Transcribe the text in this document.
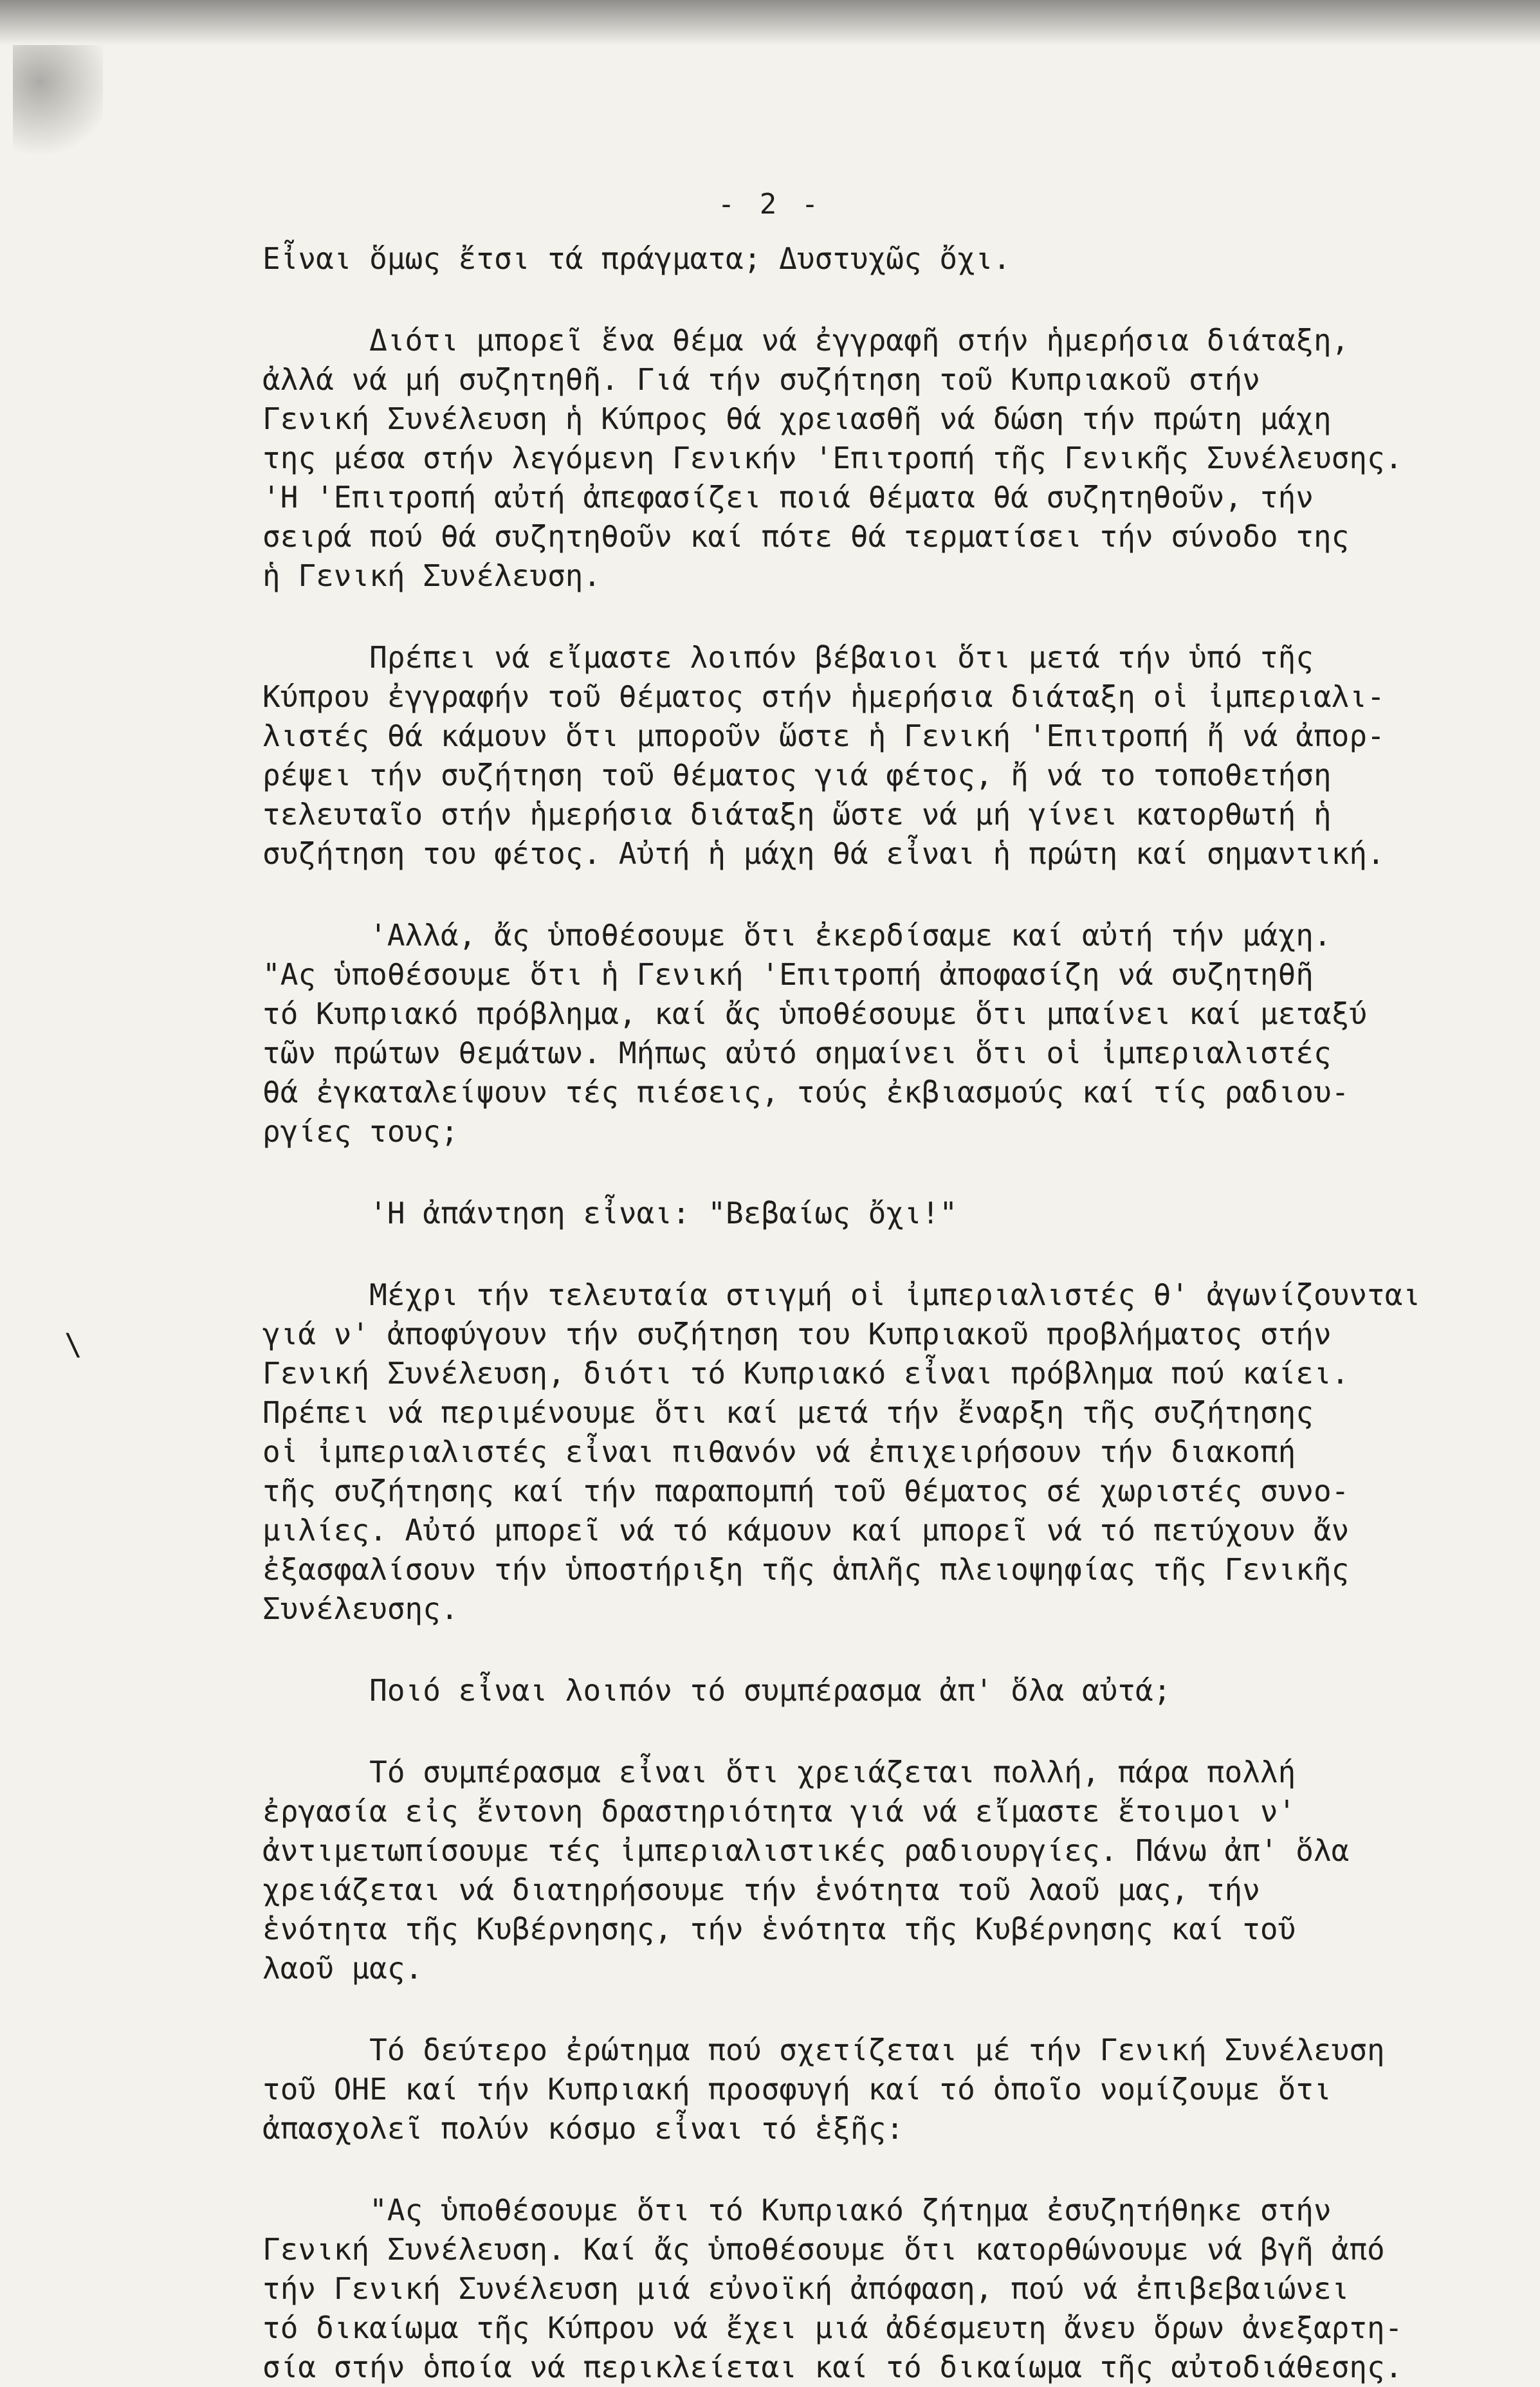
- 2 -
Εἶναι ὅμως ἔτσι τά πράγματα; Δυστυχῶς ὄχι.
Διότι μπορεῖ ἕνα θέμα νά ἐγγραφῆ στήν ἡμερήσια διάταξη,
ἀλλά νά μή συζητηθῆ. Γιά τήν συζήτηση τοῦ Κυπριακοῦ στήν
Γενική Συνέλευση ἡ Κύπρος θά χρειασθῆ νά δώση τήν πρώτη μάχη
της μέσα στήν λεγόμενη Γενικήν 'Επιτροπή τῆς Γενικῆς Συνέλευσης.
'Η 'Επιτροπή αὐτή ἀπεφασίζει ποιά θέματα θά συζητηθοῦν, τήν
σειρά πού θά συζητηθοῦν καί πότε θά τερματίσει τήν σύνοδο της
ἡ Γενική Συνέλευση.
Πρέπει νά εἴμαστε λοιπόν βέβαιοι ὅτι μετά τήν ὑπό τῆς
Κύπρου ἐγγραφήν τοῦ θέματος στήν ἡμερήσια διάταξη οἱ ἰμπεριαλι-
λιστές θά κάμουν ὅτι μποροῦν ὥστε ἡ Γενική 'Επιτροπή ἤ νά ἀπορ-
ρέψει τήν συζήτηση τοῦ θέματος γιά φέτος, ἤ νά το τοποθετήση
τελευταῖο στήν ἡμερήσια διάταξη ὥστε νά μή γίνει κατορθωτή ἡ
συζήτηση του φέτος. Αὐτή ἡ μάχη θά εἶναι ἡ πρώτη καί σημαντική.
'Αλλά, ἄς ὑποθέσουμε ὅτι ἐκερδίσαμε καί αὐτή τήν μάχη.
"Ας ὑποθέσουμε ὅτι ἡ Γενική 'Επιτροπή ἀποφασίζη νά συζητηθῆ
τό Κυπριακό πρόβλημα, καί ἄς ὑποθέσουμε ὅτι μπαίνει καί μεταξύ
τῶν πρώτων θεμάτων. Μήπως αὐτό σημαίνει ὅτι οἱ ἰμπεριαλιστές
θά ἐγκαταλείψουν τές πιέσεις, τούς ἐκβιασμούς καί τίς ραδιου-
ργίες τους;
'Η ἀπάντηση εἶναι: "Βεβαίως ὄχι!"
Μέχρι τήν τελευταία στιγμή οἱ ἰμπεριαλιστές θ' ἀγωνίζουνται
γιά ν' ἀποφύγουν τήν συζήτηση του Κυπριακοῦ προβλήματος στήν
Γενική Συνέλευση, διότι τό Κυπριακό εἶναι πρόβλημα πού καίει.
Πρέπει νά περιμένουμε ὅτι καί μετά τήν ἔναρξη τῆς συζήτησης
οἱ ἰμπεριαλιστές εἶναι πιθανόν νά ἐπιχειρήσουν τήν διακοπή
τῆς συζήτησης καί τήν παραπομπή τοῦ θέματος σέ χωριστές συνο-
μιλίες. Αὐτό μπορεῖ νά τό κάμουν καί μπορεῖ νά τό πετύχουν ἄν
ἐξασφαλίσουν τήν ὑποστήριξη τῆς ἁπλῆς πλειοψηφίας τῆς Γενικῆς
Συνέλευσης.
Ποιό εἶναι λοιπόν τό συμπέρασμα ἀπ' ὅλα αὐτά;
Τό συμπέρασμα εἶναι ὅτι χρειάζεται πολλή, πάρα πολλή
ἐργασία εἰς ἔντονη δραστηριότητα γιά νά εἴμαστε ἕτοιμοι ν'
ἀντιμετωπίσουμε τές ἰμπεριαλιστικές ραδιουργίες. Πάνω ἀπ' ὅλα
χρειάζεται νά διατηρήσουμε τήν ἑνότητα τοῦ λαοῦ μας, τήν
ἑνότητα τῆς Κυβέρνησης, τήν ἑνότητα τῆς Κυβέρνησης καί τοῦ
λαοῦ μας.
Τό δεύτερο ἐρώτημα πού σχετίζεται μέ τήν Γενική Συνέλευση
τοῦ ΟΗΕ καί τήν Κυπριακή προσφυγή καί τό ὁποῖο νομίζουμε ὅτι
ἀπασχολεῖ πολύν κόσμο εἶναι τό ἑξῆς:
"Ας ὑποθέσουμε ὅτι τό Κυπριακό ζήτημα ἐσυζητήθηκε στήν
Γενική Συνέλευση. Καί ἄς ὑποθέσουμε ὅτι κατορθώνουμε νά βγῆ ἀπό
τήν Γενική Συνέλευση μιά εὐνοϊκή ἀπόφαση, πού νά ἐπιβεβαιώνει
τό δικαίωμα τῆς Κύπρου νά ἔχει μιά ἀδέσμευτη ἄνευ ὅρων ἀνεξαρτη-
σία στήν ὁποία νά περικλείεται καί τό δικαίωμα τῆς αὐτοδιάθεσης.
\
